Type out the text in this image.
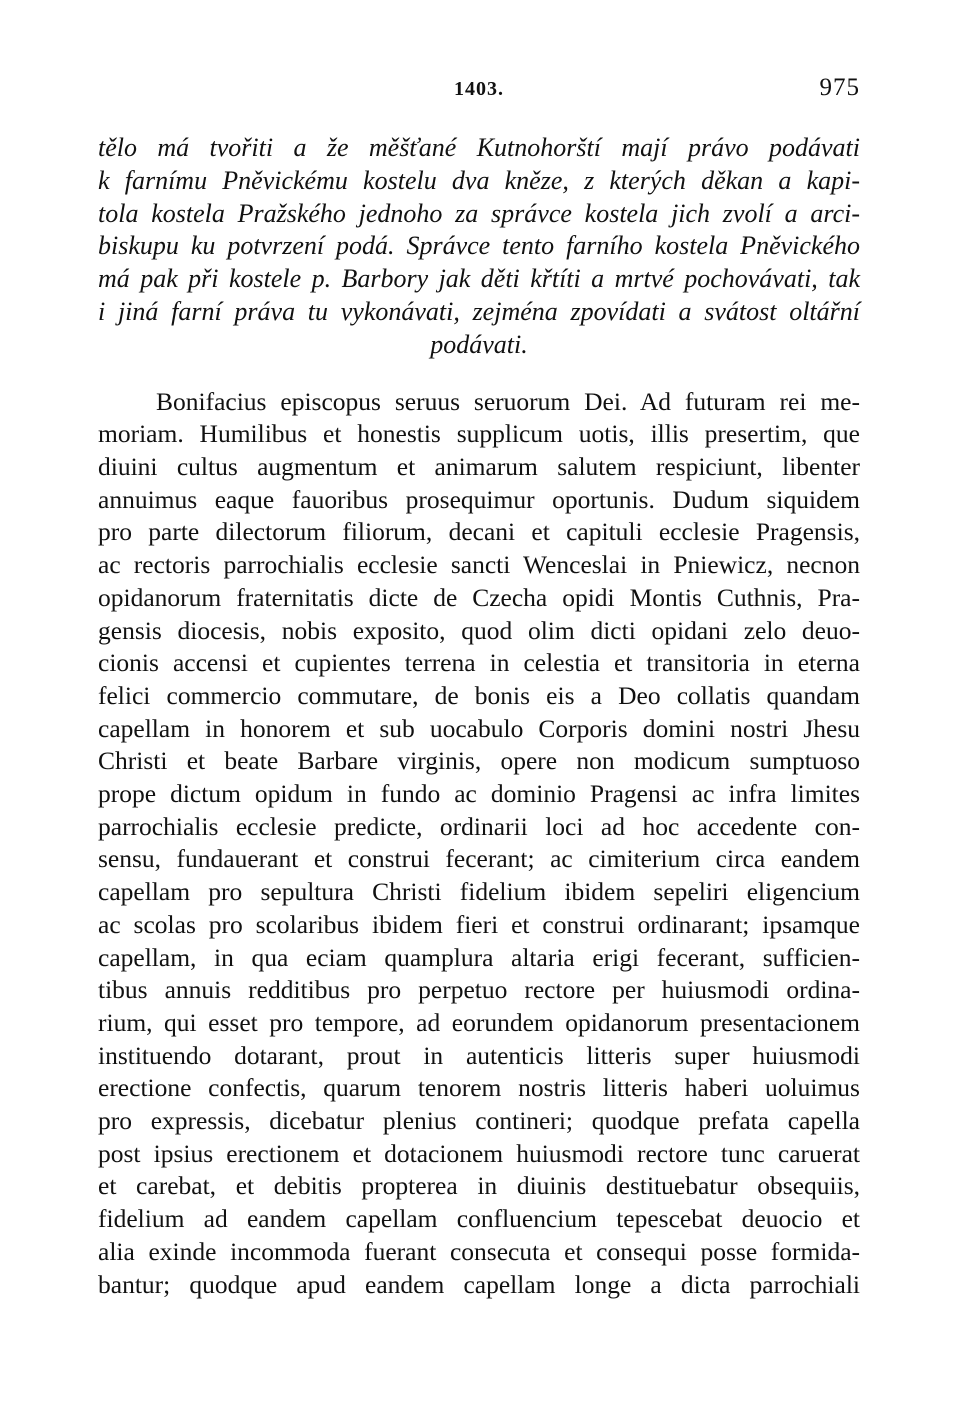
1403.	975
tělo má tvořiti a že měšťané Kutnohorští mají právo podávati
k farnímu Pněvickému kostelu dva kněze, z kterých děkan a kapi-
tola kostela Pražského jednoho za správce kostela jich zvolí a arci-
biskupu ku potvrzení podá. Správce tento farního kostela Pněvického
má pak při kostele p. Barbory jak děti křtíti a mrtvé pochovávati, tak
i jiná farní práva tu vykonávati, zejména zpovídati a svátost oltářní
podávati.
Bonifacius episcopus seruus seruorum Dei. Ad futuram rei me-
moriam. Humilibus et honestis supplicum uotis, illis presertim, que
diuini cultus augmentum et animarum salutem respiciunt, libenter
annuimus eaque fauoribus prosequimur oportunis. Dudum siquidem
pro parte dilectorum filiorum, decani et capituli ecclesie Pragensis,
ac rectoris parrochialis ecclesie sancti Wenceslai in Pniewicz, necnon
opidanorum fraternitatis dicte de Czecha opidi Montis Cuthnis, Pra-
gensis diocesis, nobis exposito, quod olim dicti opidani zelo deuo-
cionis accensi et cupientes terrena in celestia et transitoria in eterna
felici commercio commutare, de bonis eis a Deo collatis quandam
capellam in honorem et sub uocabulo Corporis domini nostri Jhesu
Christi et beate Barbare virginis, opere non modicum sumptuoso
prope dictum opidum in fundo ac dominio Pragensi ac infra limites
parrochialis ecclesie predicte, ordinarii loci ad hoc accedente con-
sensu, fundauerant et construi fecerant; ac cimiterium circa eandem
capellam pro sepultura Christi fidelium ibidem sepeliri eligencium
ac scolas pro scolaribus ibidem fieri et construi ordinarant; ipsamque
capellam, in qua eciam quamplura altaria erigi fecerant, sufficien-
tibus annuis redditibus pro perpetuo rectore per huiusmodi ordina-
rium, qui esset pro tempore, ad eorundem opidanorum presentacionem
instituendo dotarant, prout in autenticis litteris super huiusmodi
erectione confectis, quarum tenorem nostris litteris haberi uoluimus
pro expressis, dicebatur plenius contineri; quodque prefata capella
post ipsius erectionem et dotacionem huiusmodi rectore tunc caruerat
et carebat, et debitis propterea in diuinis destituebatur obsequiis,
fidelium ad eandem capellam confluencium tepescebat deuocio et
alia exinde incommoda fuerant consecuta et consequi posse formida-
bantur; quodque apud eandem capellam longe a dicta parrochiali
